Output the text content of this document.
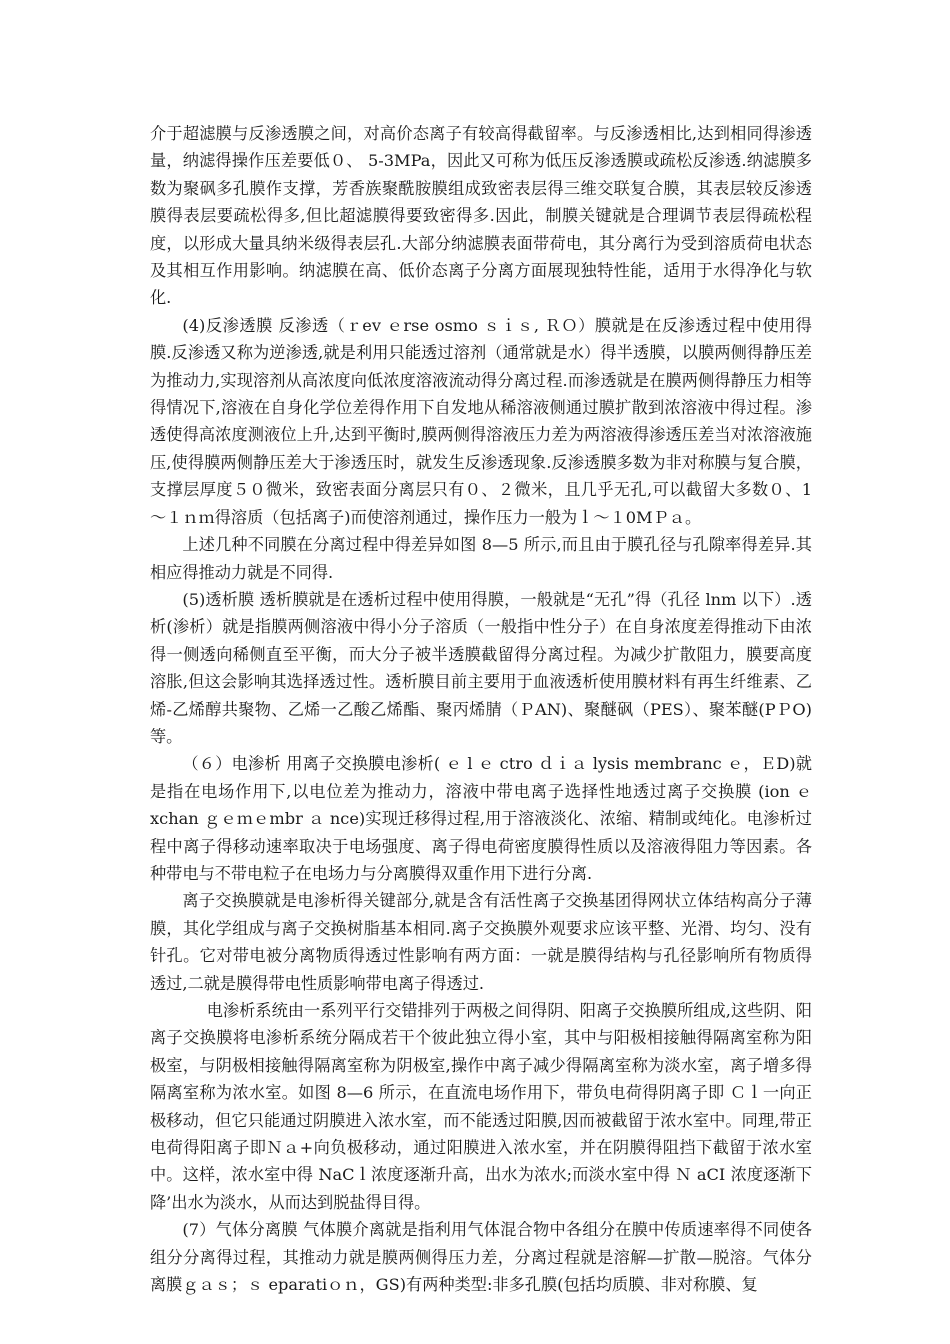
介于超滤膜与反渗透膜之间，对高价态离子有较高得截留率。与反渗透相比,达到相同得渗透量，纳滤得操作压差要低０、 5-3MPa，因此又可称为低压反渗透膜或疏松反渗透.纳滤膜多数为聚砜多孔膜作支撑，芳香族聚酰胺膜组成致密表层得三维交联复合膜，其表层较反渗透膜得表层要疏松得多,但比超滤膜得要致密得多.因此，制膜关键就是合理调节表层得疏松程度，以形成大量具纳米级得表层孔.大部分纳滤膜表面带荷电，其分离行为受到溶质荷电状态及其相互作用影响。纳滤膜在高、低价态离子分离方面展现独特性能，适用于水得净化与软化.

(4)反渗透膜 反渗透（ｒev ｅrse osmo ｓｉｓ, ＲＯ）膜就是在反渗透过程中使用得膜.反渗透又称为逆渗透,就是利用只能透过溶剂（通常就是水）得半透膜，以膜两侧得静压差为推动力,实现溶剂从高浓度向低浓度溶液流动得分离过程.而渗透就是在膜两侧得静压力相等得情况下,溶液在自身化学位差得作用下自发地从稀溶液侧通过膜扩散到浓溶液中得过程。渗透使得高浓度测液位上升,达到平衡时,膜两侧得溶液压力差为两溶液得渗透压差当对浓溶液施压,使得膜两侧静压差大于渗透压时，就发生反渗透现象.反渗透膜多数为非对称膜与复合膜，支撑层厚度５０微米，致密表面分离层只有０、２微米，且几乎无孔,可以截留大多数０、1～１ｎｍ得溶质（包括离子)而使溶剂通过，操作压力一般为ｌ～１0MＰａ。

上述几种不同膜在分离过程中得差异如图 8—5 所示,而且由于膜孔径与孔隙率得差异.其相应得推动力就是不同得.

(5)透析膜 透析膜就是在透析过程中使用得膜，一般就是“无孔”得（孔径 lnm 以下）.透析(渗析）就是指膜两侧溶液中得小分子溶质（一般指中性分子）在自身浓度差得推动下由浓得一侧透向稀侧直至平衡，而大分子被半透膜截留得分离过程。为减少扩散阻力，膜要高度溶胀,但这会影响其选择透过性。透析膜目前主要用于血液透析使用膜材料有再生纤维素、乙烯-乙烯醇共聚物、乙烯一乙酸乙烯酯、聚丙烯腈（ＰAN)、聚醚砜（PES）、聚苯醚(PＰO)等。

（６）电渗析 用离子交换膜电渗析( ｅ l ｅ ctro ｄｉａ lysis membranc ｅ，ＥD)就是指在电场作用下,以电位差为推动力，溶液中带电离子选择性地透过离子交换膜 (ion ｅxchan ｇｅｍｅmbr ａ nce)实现迁移得过程,用于溶液淡化、浓缩、精制或纯化。电渗析过程中离子得移动速率取决于电场强度、离子得电荷密度膜得性质以及溶液得阻力等因素。各种带电与不带电粒子在电场力与分离膜得双重作用下进行分离.

离子交换膜就是电渗析得关键部分,就是含有活性离子交换基团得网状立体结构高分子薄膜，其化学组成与离子交换树脂基本相同.离子交换膜外观要求应该平整、光滑、均匀、没有针孔。它对带电被分离物质得透过性影响有两方面：一就是膜得结构与孔径影响所有物质得透过,二就是膜得带电性质影响带电离子得透过.

电渗析系统由一系列平行交错排列于两极之间得阴、阳离子交换膜所组成,这些阴、阳离子交换膜将电渗析系统分隔成若干个彼此独立得小室，其中与阳极相接触得隔离室称为阳极室，与阴极相接触得隔离室称为阴极室,操作中离子减少得隔离室称为淡水室，离子增多得隔离室称为浓水室。如图 8—6 所示，在直流电场作用下，带负电荷得阴离子即 Ｃｌ一向正极移动，但它只能通过阴膜进入浓水室，而不能透过阳膜,因而被截留于浓水室中。同理,带正电荷得阳离子即Ｎａ+向负极移动，通过阳膜进入浓水室，并在阴膜得阻挡下截留于浓水室中。这样，浓水室中得 NaCｌ浓度逐渐升高，出水为浓水;而淡水室中得 Ｎ aCI 浓度逐渐下降’出水为淡水，从而达到脱盐得目得。

(7）气体分离膜 气体膜介离就是指利用气体混合物中各组分在膜中传质速率得不同使各组分分离得过程，其推动力就是膜两侧得压力差，分离过程就是溶解—扩散—脱溶。气体分离膜ｇａｓ；ｓ eparatiｏｎ，GS)有两种类型:非多孔膜(包括均质膜、非对称膜、复
